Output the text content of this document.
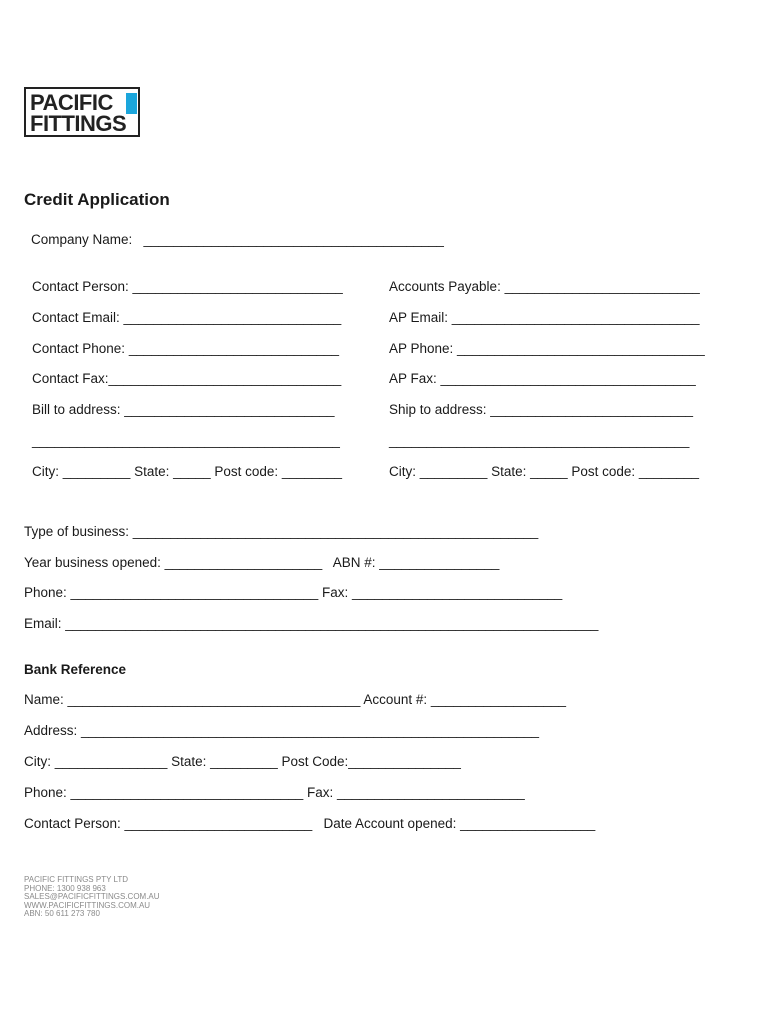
PACIFIC
FITTINGS
Credit Application
Company Name:   ________________________________________
Contact Person: ____________________________	Accounts Payable: __________________________
Contact Email: _____________________________	AP Email: _________________________________
Contact Phone: ____________________________	AP Phone: _________________________________
Contact Fax:_______________________________	AP Fax: __________________________________
Bill to address: ____________________________	Ship to address: ___________________________
_________________________________________	________________________________________
City: _________ State: _____ Post code: ________	City: _________ State: _____ Post code: ________
Type of business: ______________________________________________________
Year business opened: _____________________   ABN #: ________________
Phone: _________________________________ Fax: ____________________________
Email: _______________________________________________________________________
Bank Reference
Name: _______________________________________ Account #: __________________
Address: _____________________________________________________________
City: _______________ State: _________ Post Code:_______________
Phone: _______________________________ Fax: _________________________
Contact Person: _________________________   Date Account opened: __________________
PACIFIC FITTINGS PTY LTD
PHONE: 1300 938 963
SALES@PACIFICFITTINGS.COM.AU
WWW.PACIFICFITTINGS.COM.AU
ABN: 50 611 273 780
